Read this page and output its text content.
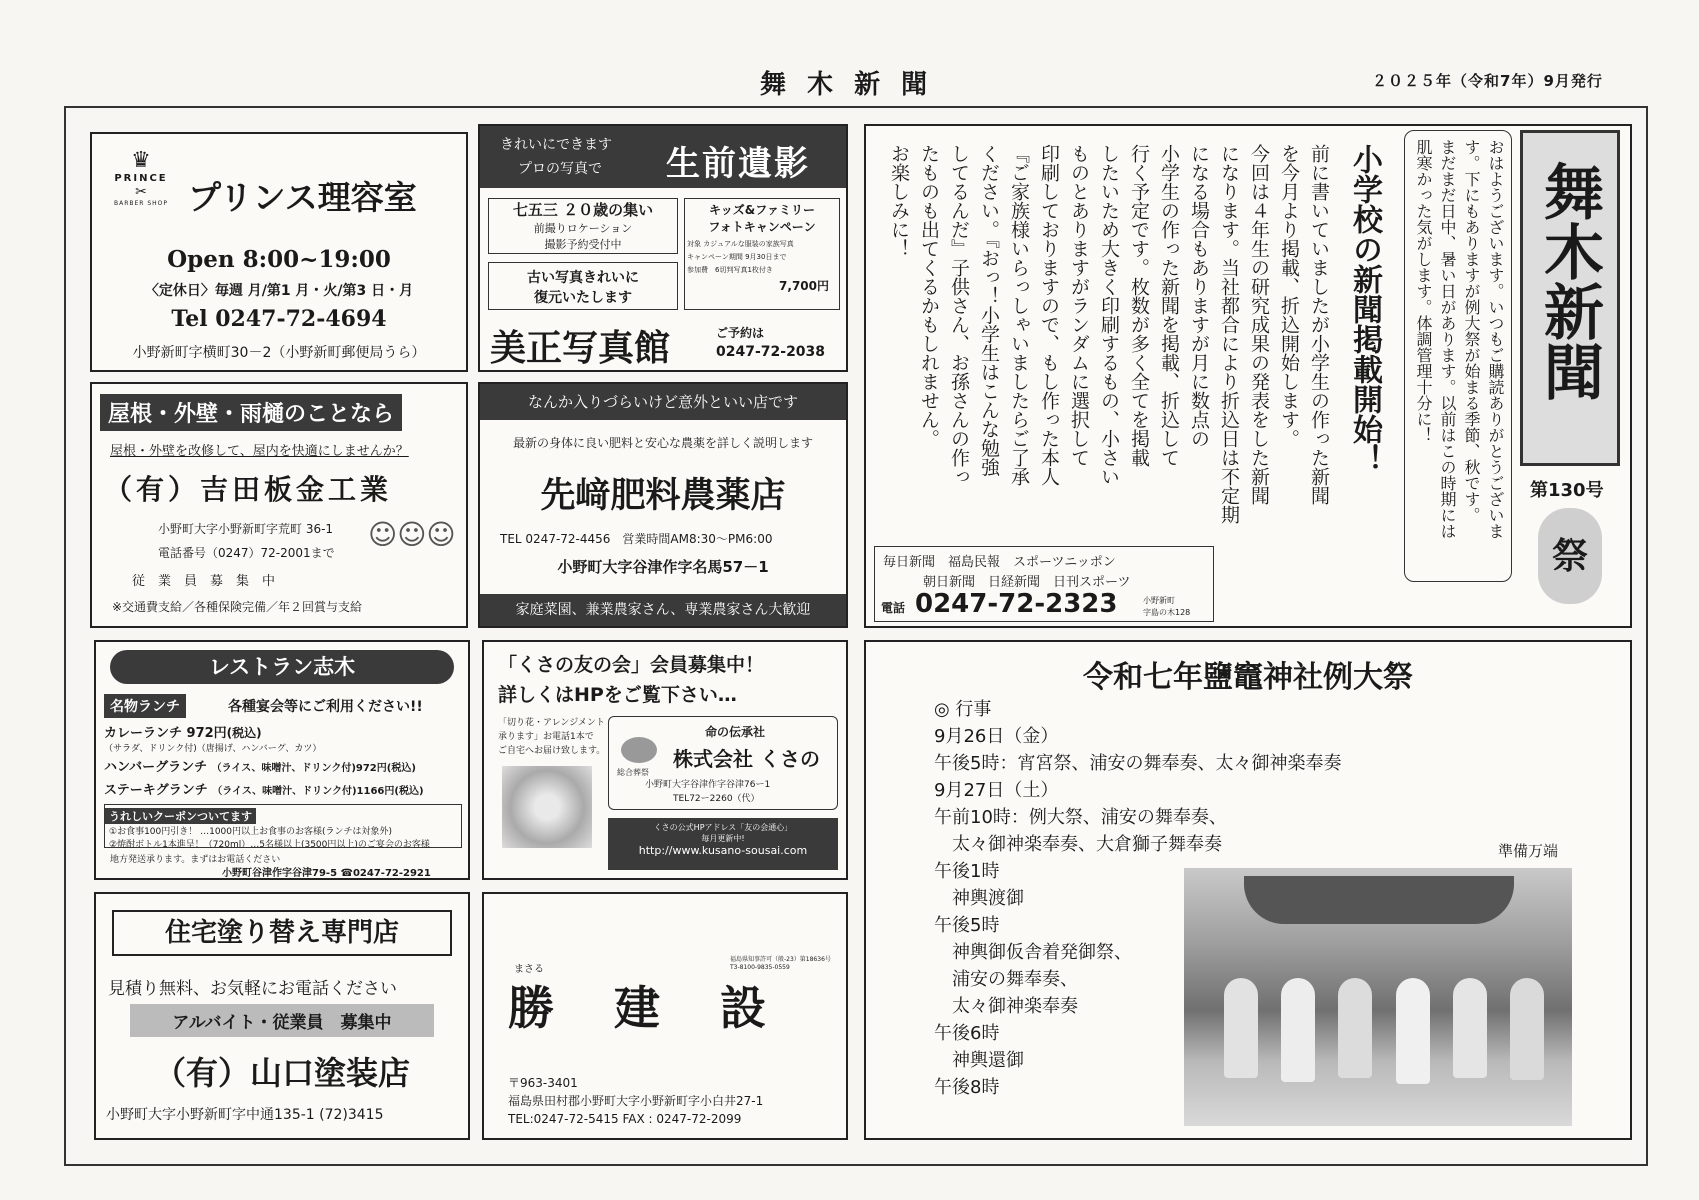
舞 木 新 聞	２０２５年（令和7年）9月発行
♛
PRINCE
✂
BARBER SHOP プリンス理容室
Open 8:00~19:00
〈定休日〉毎週 月/第1 月・火/第3 日・月
Tel 0247-72-4694
小野新町字横町30－2（小野新町郵便局うら）
屋根・外壁・雨樋のことなら
屋根・外壁を改修して、屋内を快適にしませんか？
（有）吉田板金工業
小野町大字小野新町字荒町 36-1
電話番号（0247）72-2001まで
従　業　員　募　集　中
☺☺☺
※交通費支給／各種保険完備／年２回賞与支給
レストラン志木
名物ランチ	各種宴会等にご利用ください!!
カレーランチ 972円(税込)
（サラダ、ドリンク付)（唐揚げ、ハンバーグ、カツ）
ハンバーグランチ （ライス、味噌汁、ドリンク付)972円(税込)
ステーキグランチ （ライス、味噌汁、ドリンク付)1166円(税込)
うれしいクーポンついてます
①お食事100円引き！ …1000円以上お食事のお客様(ランチは対象外)
②焼酎ボトル1本進呈！（720ml）…5名様以上(3500円以上)のご宴会のお客様
地方発送承ります。まずはお電話ください
小野町谷津作字谷津79-5 ☎0247-72-2921
住宅塗り替え専門店
見積り無料、お気軽にお電話ください
アルバイト・従業員　募集中
（有）山口塗装店
小野町大字小野新町字中通135-1 (72)3415
きれいにできます
プロの写真で 生前遺影
七五三 ２０歳の集い
前撮りロケーション
撮影予約受付中
古い写真きれいに
復元いたします
キッズ&ファミリー
フォトキャンペーン
対象 カジュアルな服装の家族写真
キャンペーン期間 9月30日まで
参加費　6切判写真1枚付き
7,700円
美正写真館	ご予約は
0247-72-2038
なんか入りづらいけど意外といい店です
最新の身体に良い肥料と安心な農薬を詳しく説明します
先﨑肥料農薬店
TEL 0247-72-4456　営業時間AM8:30～PM6:00
小野町大字谷津作字名馬57－1
家庭菜園、兼業農家さん、専業農家さん大歓迎
「くさの友の会」会員募集中！
詳しくはHPをご覧下さい…
「切り花・アレンジメント
承ります」お電話1本で
ご自宅へお届け致します。
命の伝承社
総合葬祭
株式会社 くさの
小野町大字谷津作字谷津76ー1
TEL72ー2260（代）
くさの公式HPアドレス「友の会通心」
毎月更新中!
http://www.kusano-sousai.com
福島県知事許可（般-23）第18636号
T3-8100-9835-0559
まさる
勝 建 設
〒963-3401
福島県田村郡小野町大字小野新町字小白井27-1
TEL:0247-72-5415 FAX : 0247-72-2099
小学校の新聞掲載開始！
前に書いていましたが小学生の作った新聞
を今月より掲載、折込開始します。
今回は４年生の研究成果の発表をした新聞
になります。当社都合により折込日は不定期
になる場合もありますが月に数点の
小学生の作った新聞を掲載、折込して
行く予定です。枚数が多く全てを掲載
したいため大きく印刷するもの、小さい
ものとありますがランダムに選択して
印刷しておりますので、もし作った本人
『ご家族様いらっしゃいましたらご了承
ください。『おっ！小学生はこんな勉強
してるんだ』子供さん、お孫さんの作っ
たものも出てくるかもしれません。
お楽しみに！
毎日新聞　福島民報　スポーツニッポン
朝日新聞　日経新聞　日刊スポーツ
電話 0247-72-2323	小野新町
字島の木128
おはようございます。いつもご購読ありがとうございま
す。下にもありますが例大祭が始まる季節、秋です。
まだまだ日中、暑い日があります。以前はこの時期には
肌寒かった気がします。体調管理十分に！ 舞木新聞
第130号
祭
令和七年鹽竈神社例大祭
◎ 行事
9月26日（金）
午後5時：宵宮祭、浦安の舞奉奏、太々御神楽奉奏
9月27日（土）
午前10時：例大祭、浦安の舞奉奏、
　太々御神楽奉奏、大倉獅子舞奉奏
午後1時
　神輿渡御
午後5時
　神輿御仮舎着発御祭、
　浦安の舞奉奏、
　太々御神楽奉奏
午後6時
　神輿還御
午後8時
準備万端
